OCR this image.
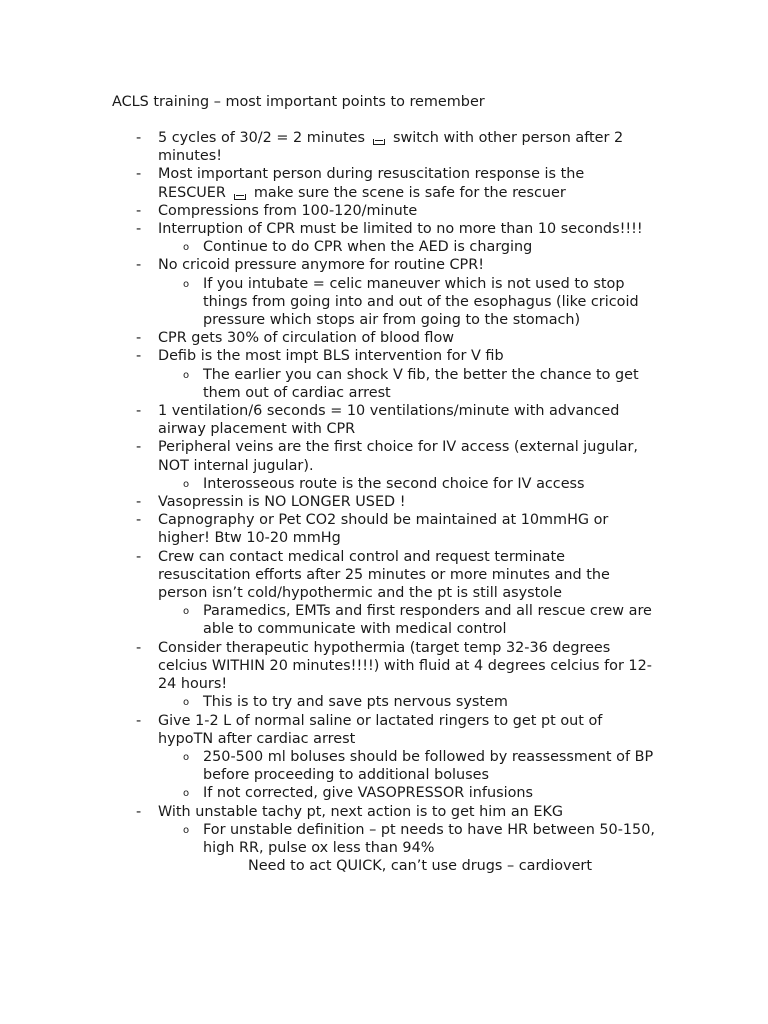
ACLS training – most important points to remember
-	5 cycles of 30/2 = 2 minutes switch with other person after 2 minutes!
-	Most important person during resuscitation response is the RESCUER make sure the scene is safe for the rescuer
-	Compressions from 100-120/minute
-	Interruption of CPR must be limited to no more than 10 seconds!!!!
o Continue to do CPR when the AED is charging
-	No cricoid pressure anymore for routine CPR!
o If you intubate = celic maneuver which is not used to stop things from going into and out of the esophagus (like cricoid pressure which stops air from going to the stomach)
-	CPR gets 30% of circulation of blood flow
-	Defib is the most impt BLS intervention for V fib
o The earlier you can shock V fib, the better the chance to get them out of cardiac arrest
-	1 ventilation/6 seconds = 10 ventilations/minute with advanced airway placement with CPR
-	Peripheral veins are the first choice for IV access (external jugular, NOT internal jugular).
o Interosseous route is the second choice for IV access
-	Vasopressin is NO LONGER USED !
-	Capnography or Pet CO2 should be maintained at 10mmHG or higher! Btw 10-20 mmHg
-	Crew can contact medical control and request terminate resuscitation efforts after 25 minutes or more minutes and the person isn’t cold/hypothermic and the pt is still asystole
o Paramedics, EMTs and first responders and all rescue crew are able to communicate with medical control
-	Consider therapeutic hypothermia (target temp 32-36 degrees celcius WITHIN 20 minutes!!!!) with fluid at 4 degrees celcius for 12-24 hours!
o This is to try and save pts nervous system
-	Give 1-2 L of normal saline or lactated ringers to get pt out of hypoTN after cardiac arrest
o 250-500 ml boluses should be followed by reassessment of BP before proceeding to additional boluses
o If not corrected, give VASOPRESSOR infusions
-	With unstable tachy pt, next action is to get him an EKG
o For unstable definition – pt needs to have HR between 50-150, high RR, pulse ox less than 94%
Need to act QUICK, can’t use drugs – cardiovert
